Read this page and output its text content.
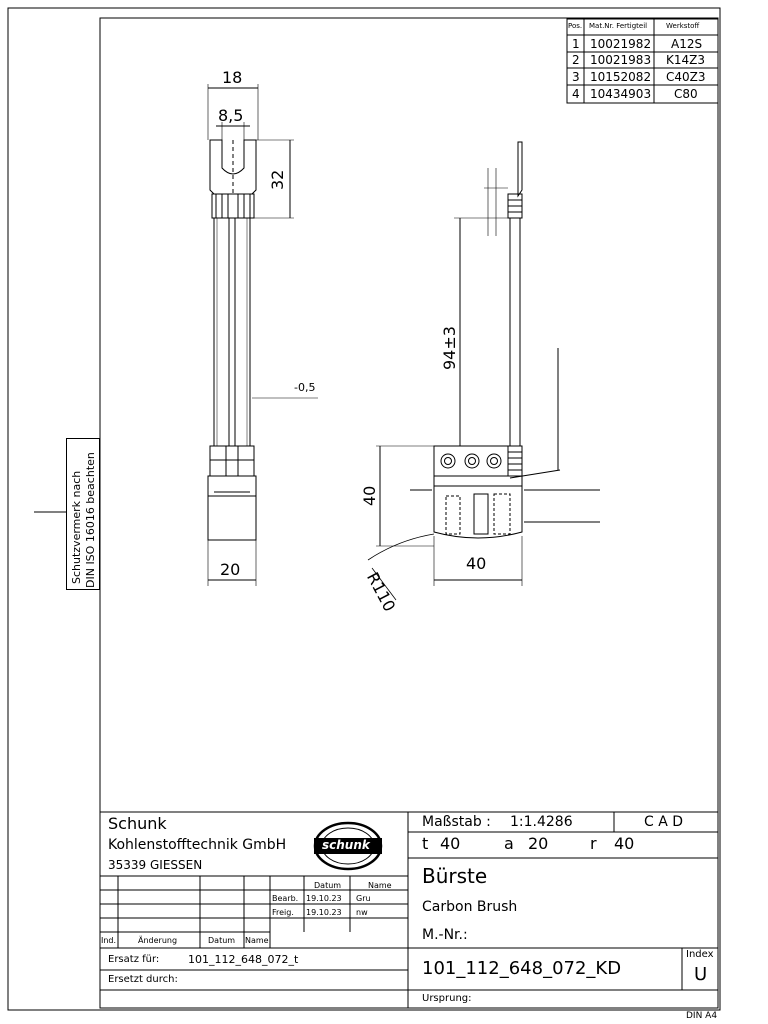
Schutzvermerk nach DIN ISO 16016 beachten
Pos. Mat.Nr. Fertigteil	Werkstoff
1 10021982 A12S
2 10021983 K14Z3
3 10152082 C40Z3
4 10434903 C80
18
8,5
32
-0,5
20
94±3
40
40
R110
Schunk
Kohlenstofftechnik GmbH
35339 GIESSEN
schunk
Datum	Name
Bearb. 19.10.23 Gru
Freig. 19.10.23 nw
Ind.	Änderung	Datum Name
Ersatz für:	101_112_648_072_t
Ersetzt durch:
Maßstab : 1:1.4286	C A D
t 40	a 20	r 40
Bürste
Carbon Brush
M.-Nr.:
101_112_648_072_KD
Index
U
Ursprung:
DIN A4
